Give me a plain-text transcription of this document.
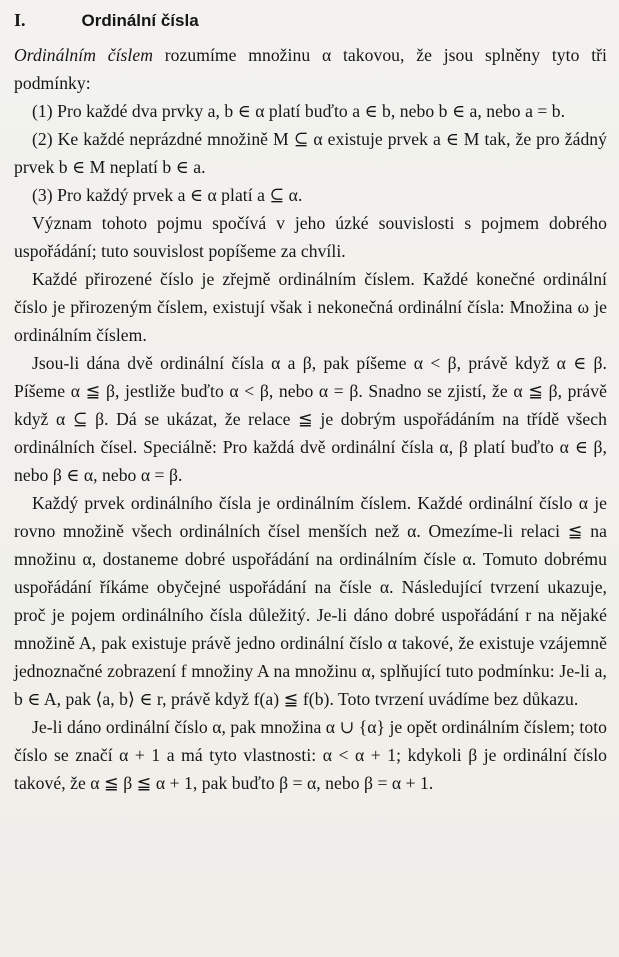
I.	Ordinální čísla

Ordinálním číslem rozumíme množinu α takovou, že jsou splněny tyto tři podmínky:

(1) Pro každé dva prvky a, b ∈ α platí buďto a ∈ b, nebo b ∈ a, nebo a = b.

(2) Ke každé neprázdné množině M ⊆ α existuje prvek a ∈ M tak, že pro žádný prvek b ∈ M neplatí b ∈ a.

(3) Pro každý prvek a ∈ α platí a ⊆ α.

Význam tohoto pojmu spočívá v jeho úzké souvislosti s pojmem dobrého uspořádání; tuto souvislost popíšeme za chvíli.

Každé přirozené číslo je zřejmě ordinálním číslem. Každé konečné ordinální číslo je přirozeným číslem, existují však i nekonečná ordinální čísla: Množina ω je ordinálním číslem.

Jsou-li dána dvě ordinální čísla α a β, pak píšeme α < β, právě když α ∈ β. Píšeme α ≦ β, jestliže buďto α < β, nebo α = β. Snadno se zjistí, že α ≦ β, právě když α ⊆ β. Dá se ukázat, že relace ≦ je dobrým uspořádáním na třídě všech ordinálních čísel. Speciálně: Pro každá dvě ordinální čísla α, β platí buďto α ∈ β, nebo β ∈ α, nebo α = β.

Každý prvek ordinálního čísla je ordinálním číslem. Každé ordinální číslo α je rovno množině všech ordinálních čísel menších než α. Omezíme-li relaci ≦ na množinu α, dostaneme dobré uspořádání na ordinálním čísle α. Tomuto dobrému uspořádání říkáme obyčejné uspořádání na čísle α. Následující tvrzení ukazuje, proč je pojem ordinálního čísla důležitý. Je-li dáno dobré uspořádání r na nějaké množině A, pak existuje právě jedno ordinální číslo α takové, že existuje vzájemně jednoznačné zobrazení f množiny A na množinu α, splňující tuto podmínku: Je-li a, b ∈ A, pak ⟨a, b⟩ ∈ r, právě když f(a) ≦ f(b). Toto tvrzení uvádíme bez důkazu.

Je-li dáno ordinální číslo α, pak množina α ∪ {α} je opět ordinálním číslem; toto číslo se značí α + 1 a má tyto vlastnosti: α < α + 1; kdykoli β je ordinální číslo takové, že α ≦ β ≦ α + 1, pak buďto β = α, nebo β = α + 1.
